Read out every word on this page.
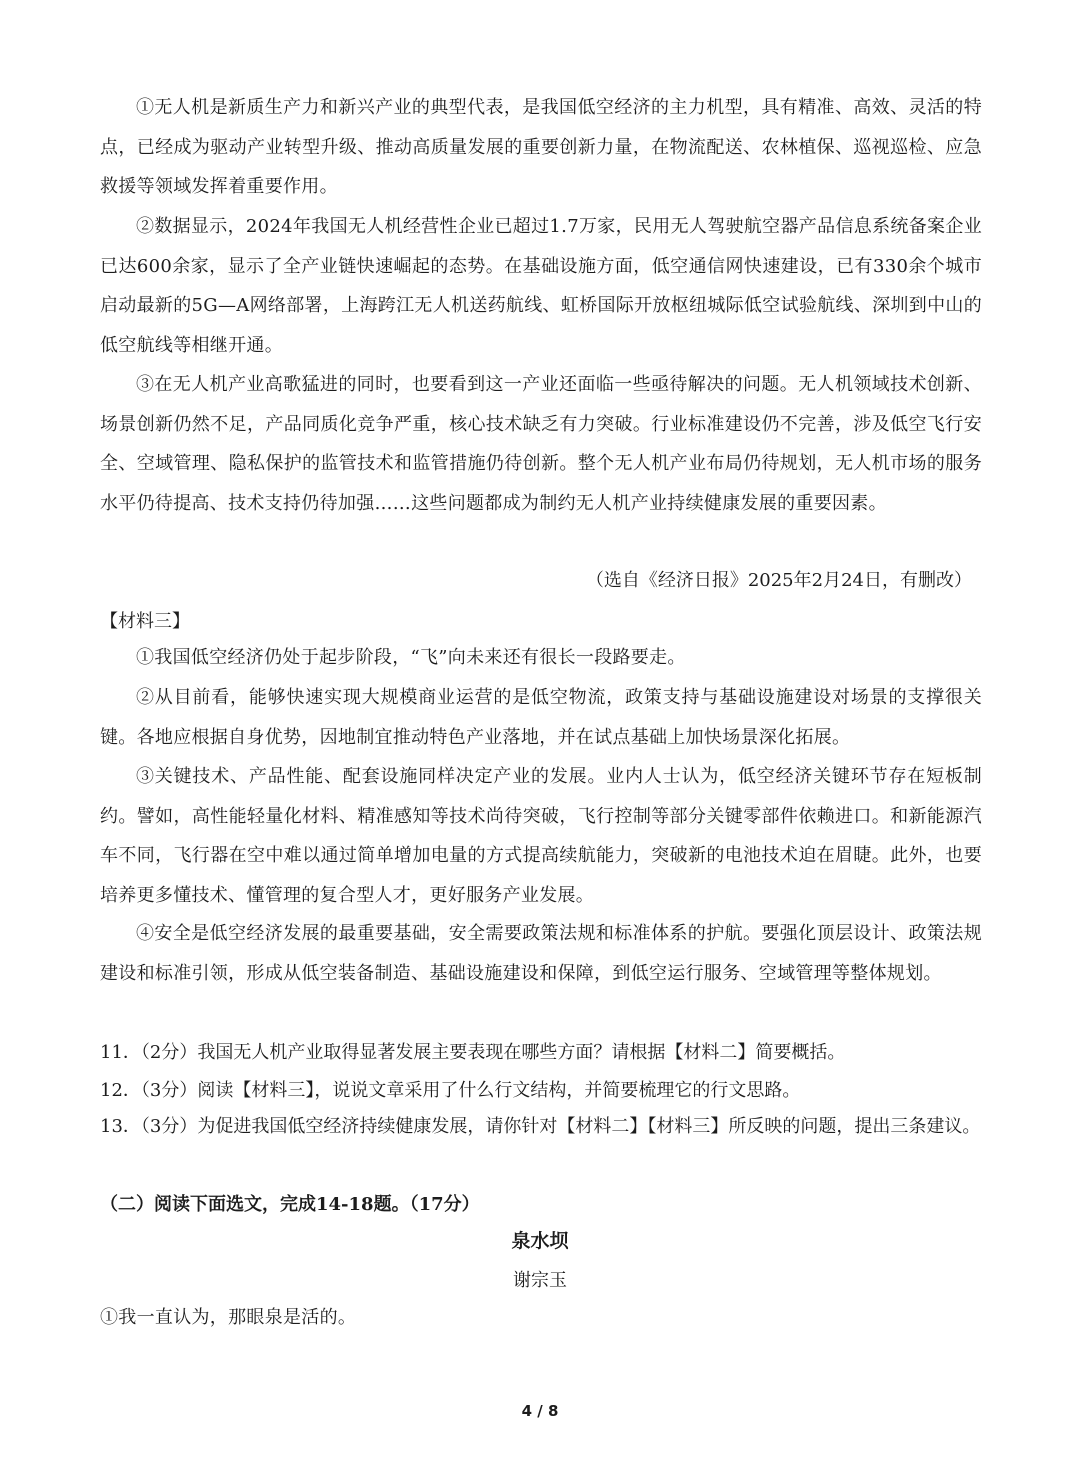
①无人机是新质生产力和新兴产业的典型代表，是我国低空经济的主力机型，具有精准、高效、灵活的特点，已经成为驱动产业转型升级、推动高质量发展的重要创新力量，在物流配送、农林植保、巡视巡检、应急救援等领域发挥着重要作用。

②数据显示，2024年我国无人机经营性企业已超过1.7万家，民用无人驾驶航空器产品信息系统备案企业已达600余家，显示了全产业链快速崛起的态势。在基础设施方面，低空通信网快速建设，已有330余个城市启动最新的5G—A网络部署，上海跨江无人机送药航线、虹桥国际开放枢纽城际低空试验航线、深圳到中山的低空航线等相继开通。

③在无人机产业高歌猛进的同时，也要看到这一产业还面临一些亟待解决的问题。无人机领域技术创新、场景创新仍然不足，产品同质化竞争严重，核心技术缺乏有力突破。行业标准建设仍不完善，涉及低空飞行安全、空域管理、隐私保护的监管技术和监管措施仍待创新。整个无人机产业布局仍待规划，无人机市场的服务水平仍待提高、技术支持仍待加强……这些问题都成为制约无人机产业持续健康发展的重要因素。

（选自《经济日报》2025年2月24日，有删改）

【材料三】

①我国低空经济仍处于起步阶段，“飞”向未来还有很长一段路要走。

②从目前看，能够快速实现大规模商业运营的是低空物流，政策支持与基础设施建设对场景的支撑很关键。各地应根据自身优势，因地制宜推动特色产业落地，并在试点基础上加快场景深化拓展。

③关键技术、产品性能、配套设施同样决定产业的发展。业内人士认为，低空经济关键环节存在短板制约。譬如，高性能轻量化材料、精准感知等技术尚待突破，飞行控制等部分关键零部件依赖进口。和新能源汽车不同，飞行器在空中难以通过简单增加电量的方式提高续航能力，突破新的电池技术迫在眉睫。此外，也要培养更多懂技术、懂管理的复合型人才，更好服务产业发展。

④安全是低空经济发展的最重要基础，安全需要政策法规和标准体系的护航。要强化顶层设计、政策法规建设和标准引领，形成从低空装备制造、基础设施建设和保障，到低空运行服务、空域管理等整体规划。

11．（2分）我国无人机产业取得显著发展主要表现在哪些方面？请根据【材料二】简要概括。

12．（3分）阅读【材料三】，说说文章采用了什么行文结构，并简要梳理它的行文思路。

13．（3分）为促进我国低空经济持续健康发展，请你针对【材料二】【材料三】所反映的问题，提出三条建议。

（二）阅读下面选文，完成14-18题。（17分）

泉水坝

谢宗玉

①我一直认为，那眼泉是活的。

4 / 8
